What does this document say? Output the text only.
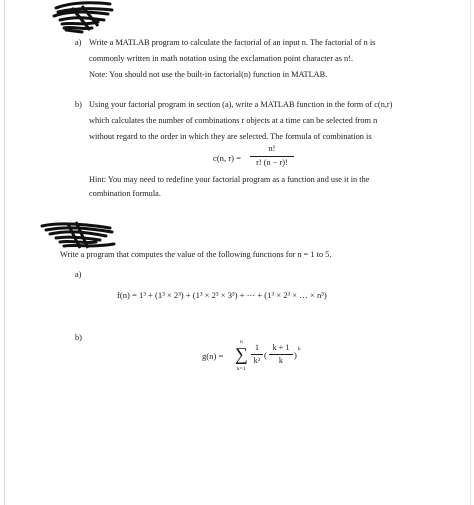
a) Write a MATLAB program to calculate the factorial of an input n. The factorial of n is
commonly written in math notation using the exclamation point character as n!.
Note: You should not use the built-in factorial(n) function in MATLAB.
b) Using your factorial program in section (a), write a MATLAB function in the form of c(n,r)
which calculates the number of combinations r objects at a time can be selected from n
without regard to the order in which they are selected. The formula of combination is
c(n, r) =
n!
r! (n − r)!
Hint: You may need to redefine your factorial program as a function and use it in the
combination formula.
Write a program that computes the value of the following functions for n = 1 to 5.
a)
f(n) = 1³ + (1³ × 2³) + (1³ × 2³ × 3³) + ⋯ + (1³ × 2³ × … × n³)
b)
g(n) =
n
∑
k=1
1
k²
(
k + 1
k
)
k
